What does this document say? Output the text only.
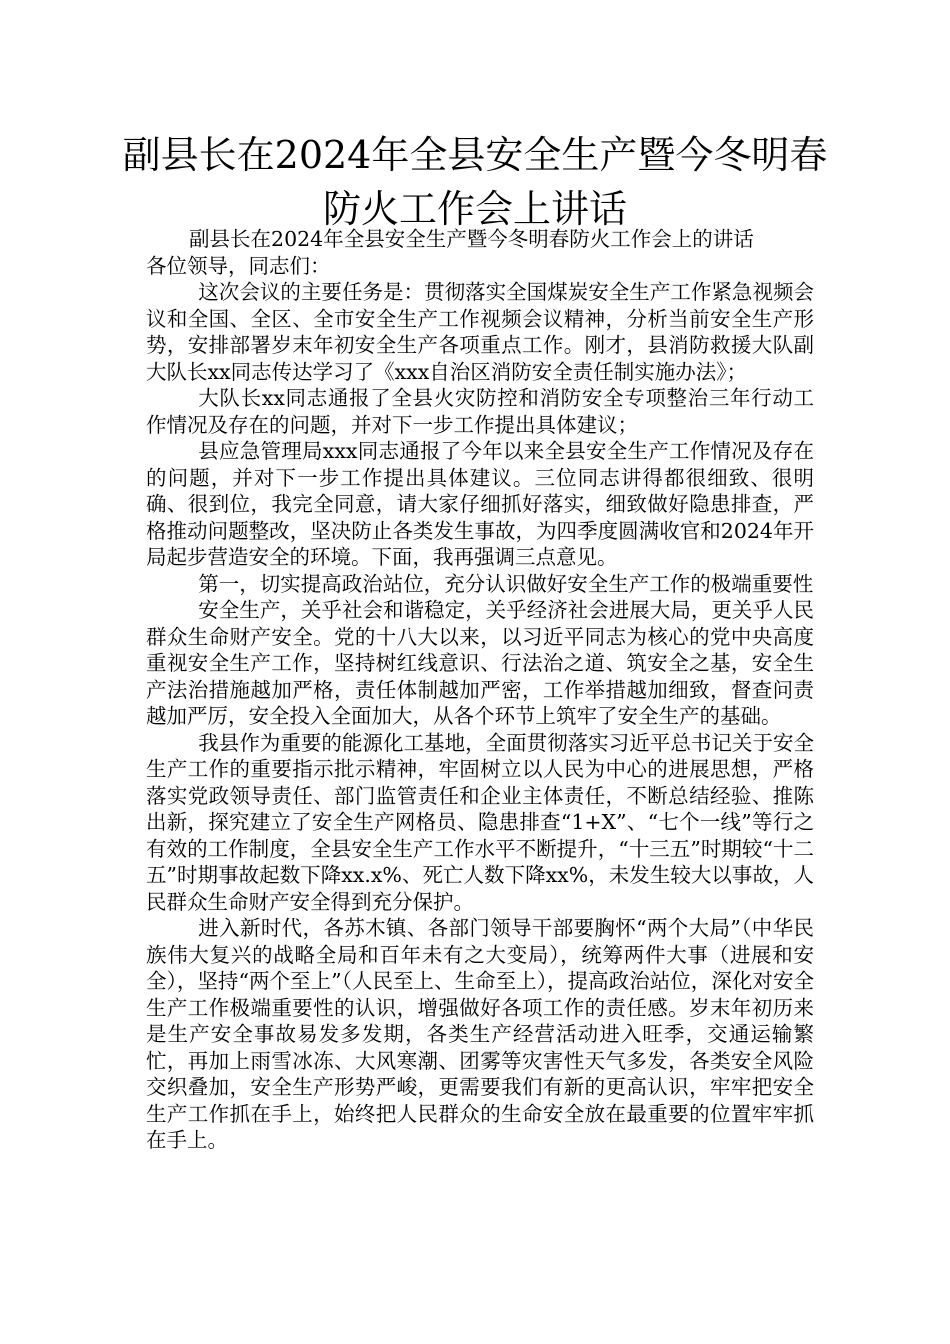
副县长在2024年全县安全生产暨今冬明春
防火工作会上讲话

副县长在2024年全县安全生产暨今冬明春防火工作会上的讲话

各位领导，同志们：

这次会议的主要任务是：贯彻落实全国煤炭安全生产工作紧急视频会议和全国、全区、全市安全生产工作视频会议精神，分析当前安全生产形势，安排部署岁末年初安全生产各项重点工作。刚才，县消防救援大队副大队长xx同志传达学习了《xxx自治区消防安全责任制实施办法》；

大队长xx同志通报了全县火灾防控和消防安全专项整治三年行动工作情况及存在的问题，并对下一步工作提出具体建议；

县应急管理局xxx同志通报了今年以来全县安全生产工作情况及存在的问题，并对下一步工作提出具体建议。三位同志讲得都很细致、很明确、很到位，我完全同意，请大家仔细抓好落实，细致做好隐患排查，严格推动问题整改，坚决防止各类发生事故，为四季度圆满收官和2024年开局起步营造安全的环境。下面，我再强调三点意见。

第一，切实提高政治站位，充分认识做好安全生产工作的极端重要性

安全生产，关乎社会和谐稳定，关乎经济社会进展大局，更关乎人民群众生命财产安全。党的十八大以来，以习近平同志为核心的党中央高度重视安全生产工作，坚持树红线意识、行法治之道、筑安全之基，安全生产法治措施越加严格，责任体制越加严密，工作举措越加细致，督查问责越加严厉，安全投入全面加大，从各个环节上筑牢了安全生产的基础。

我县作为重要的能源化工基地，全面贯彻落实习近平总书记关于安全生产工作的重要指示批示精神，牢固树立以人民为中心的进展思想，严格落实党政领导责任、部门监管责任和企业主体责任，不断总结经验、推陈出新，探究建立了安全生产网格员、隐患排查“1+X”、“七个一线”等行之有效的工作制度，全县安全生产工作水平不断提升，“十三五”时期较“十二五”时期事故起数下降xx.x%、死亡人数下降xx%，未发生较大以事故，人民群众生命财产安全得到充分保护。

进入新时代，各苏木镇、各部门领导干部要胸怀“两个大局”（中华民族伟大复兴的战略全局和百年未有之大变局），统筹两件大事（进展和安全），坚持“两个至上”（人民至上、生命至上），提高政治站位，深化对安全生产工作极端重要性的认识，增强做好各项工作的责任感。岁末年初历来是生产安全事故易发多发期，各类生产经营活动进入旺季，交通运输繁忙，再加上雨雪冰冻、大风寒潮、团雾等灾害性天气多发，各类安全风险交织叠加，安全生产形势严峻，更需要我们有新的更高认识，牢牢把安全生产工作抓在手上，始终把人民群众的生命安全放在最重要的位置牢牢抓在手上。
